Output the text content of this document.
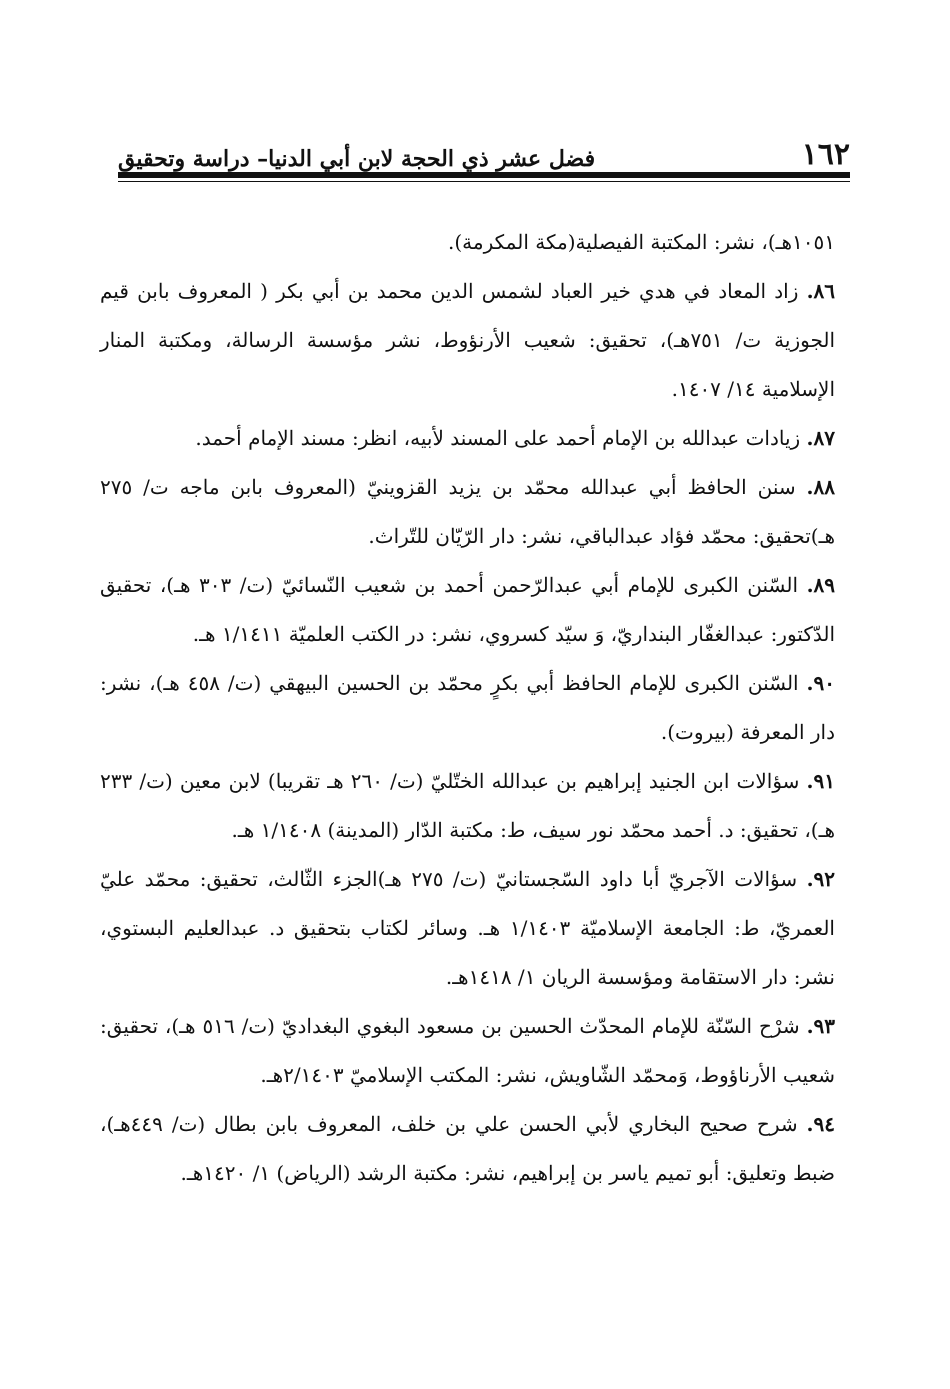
١٦٢
فضل عشر ذي الحجة لابن أبي الدنيا– دراسة وتحقيق

١٠٥١هـ)، نشر: المكتبة الفيصلية(مكة المكرمة).

٨٦. زاد المعاد في هدي خير العباد لشمس الدين محمد بن أبي بكر ( المعروف بابن قيم الجوزية ت/ ٧٥١هـ)، تحقيق: شعيب الأرنؤوط، نشر مؤسسة الرسالة، ومكتبة المنار الإسلامية ١٤/ ١٤٠٧.

٨٧. زيادات عبدالله بن الإمام أحمد على المسند لأبيه، انظر: مسند الإمام أحمد.

٨٨. سنن الحافظ أبي عبدالله محمّد بن يزيد القزوينيّ (المعروف بابن ماجه ت/ ٢٧٥ هـ)تحقيق: محمّد فؤاد عبدالباقي، نشر: دار الرّيّان للتّراث.

٨٩. السّنن الكبرى للإمام أبي عبدالرّحمن أحمد بن شعيب النّسائيّ (ت/ ٣٠٣ هـ)، تحقيق الدّكتور: عبدالغفّار البنداريّ، وَ سيّد كسروي، نشر: در الكتب العلميّة ١/١٤١١ هـ.

٩٠. السّنن الكبرى للإمام الحافظ أبي بكرٍ محمّد بن الحسين البيهقي (ت/ ٤٥٨ هـ)، نشر: دار المعرفة (بيروت).

٩١. سؤالات ابن الجنيد إبراهيم بن عبدالله الختّليّ (ت/ ٢٦٠ هـ تقريبا) لابن معين (ت/ ٢٣٣ هـ)، تحقيق: د. أحمد محمّد نور سيف، ط: مكتبة الدّار (المدينة) ١/١٤٠٨ هـ.

٩٢. سؤالات الآجريّ أبا داود السّجستانيّ (ت/ ٢٧٥ هـ)الجزء الثّالث، تحقيق: محمّد عليّ العمريّ، ط: الجامعة الإسلاميّة ١/١٤٠٣ هـ. وسائر لكتاب بتحقيق د. عبدالعليم البستوي، نشر: دار الاستقامة ومؤسسة الريان ١/ ١٤١٨هـ.

٩٣. شرْح السّنّة للإمام المحدّث الحسين بن مسعود البغوي البغداديّ (ت/ ٥١٦ هـ)، تحقيق: شعيب الأرناؤوط، وَمحمّد الشّاويش، نشر: المكتب الإسلاميّ ٢/١٤٠٣هـ.

٩٤. شرح صحيح البخاري لأبي الحسن علي بن خلف، المعروف بابن بطال (ت/ ٤٤٩هـ)، ضبط وتعليق: أبو تميم ياسر بن إبراهيم، نشر: مكتبة الرشد (الرياض) ١/ ١٤٢٠هـ.
